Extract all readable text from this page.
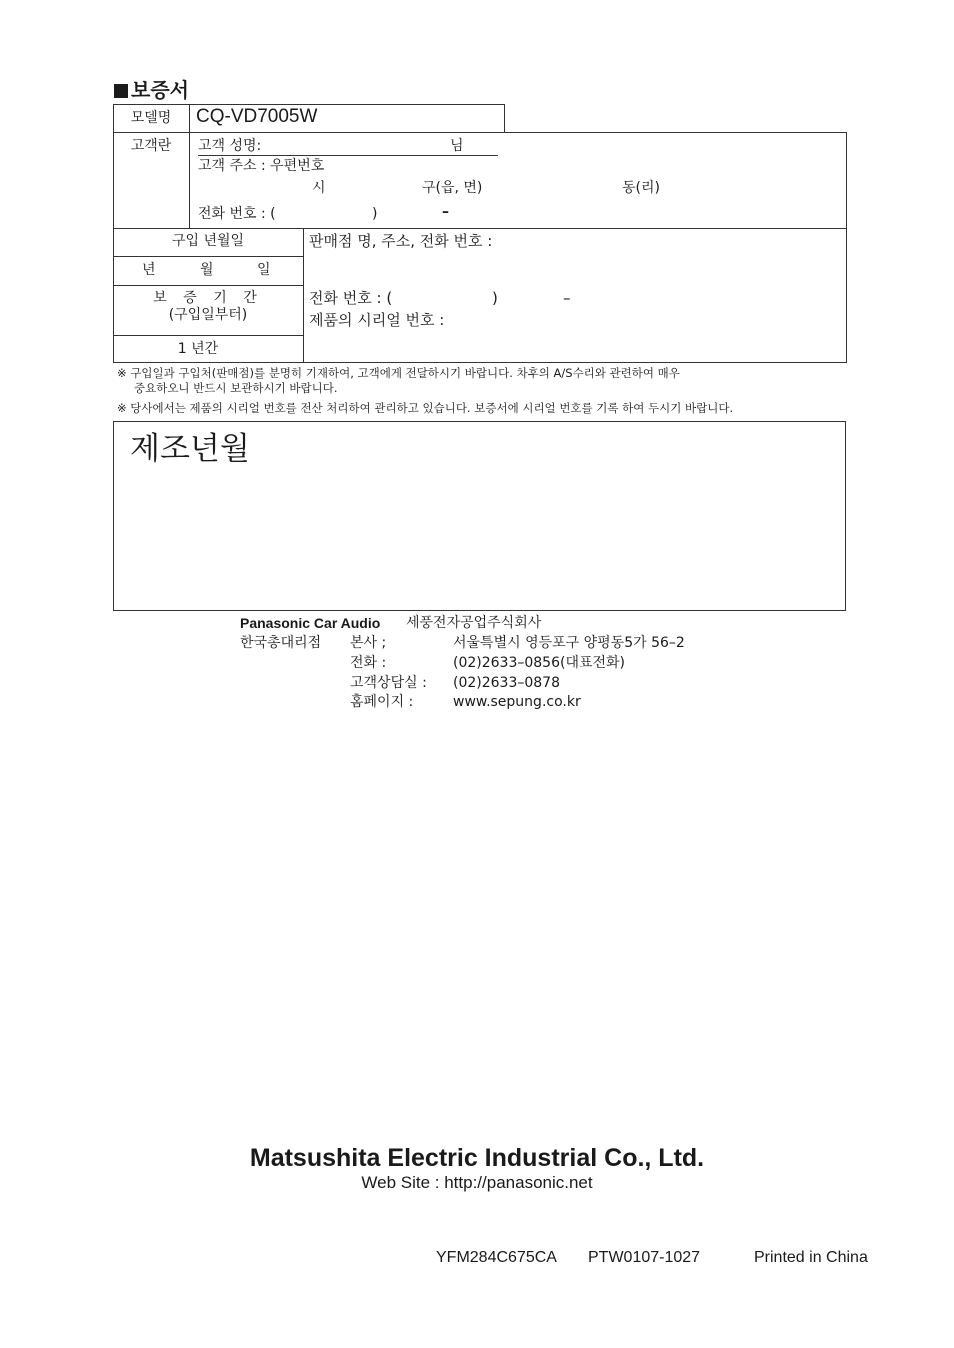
보증서
모델명	CQ-VD7005W
고객란	고객 성명:	님
고객 주소 : 우편번호
시	구(읍, 면)	동(리)
전화 번호 : (	)	–
구입 년월일
년	월	일
보 증 기 간
(구입일부터)
1 년간
판매점 명, 주소, 전화 번호 :
전화 번호 : (	)	–
제품의 시리얼 번호 :
※ 구입일과 구입처(판매점)를 분명히 기재하여, 고객에게 전달하시기 바랍니다. 차후의 A/S수리와 관련하여 매우
중요하오니 반드시 보관하시기 바랍니다.
※ 당사에서는 제품의 시리얼 번호를 전산 처리하여 관리하고 있습니다. 보증서에 시리얼 번호를 기록 하여 두시기 바랍니다.
제조년월
Panasonic Car Audio 세풍전자공업주식회사
한국총대리점 본사 ;	서울특별시 영등포구 양평동5가 56–2
전화 :	(02)2633–0856(대표전화)
고객상담실 : (02)2633–0878
홈페이지 :	www.sepung.co.kr
Matsushita Electric Industrial Co., Ltd.
Web Site : http://panasonic.net
YFM284C675CA PTW0107-1027	Printed in China
